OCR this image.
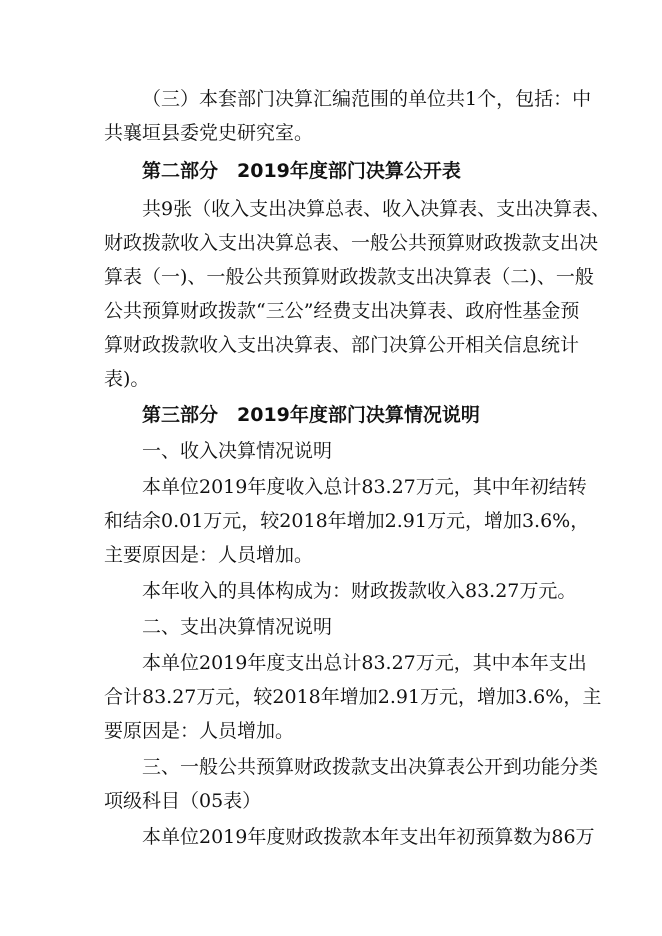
（三）本套部门决算汇编范围的单位共1个，包括：中
共襄垣县委党史研究室。
第二部分　2019年度部门决算公开表
共9张（收入支出决算总表、收入决算表、支出决算表、
财政拨款收入支出决算总表、一般公共预算财政拨款支出决
算表（一)、一般公共预算财政拨款支出决算表（二)、一般
公共预算财政拨款“三公”经费支出决算表、政府性基金预
算财政拨款收入支出决算表、部门决算公开相关信息统计
表)。
第三部分　2019年度部门决算情况说明
一、收入决算情况说明
本单位2019年度收入总计83.27万元，其中年初结转
和结余0.01万元，较2018年增加2.91万元，增加3.6%，
主要原因是：人员增加。
本年收入的具体构成为：财政拨款收入83.27万元。
二、支出决算情况说明
本单位2019年度支出总计83.27万元，其中本年支出
合计83.27万元，较2018年增加2.91万元，增加3.6%，主
要原因是：人员增加。
三、一般公共预算财政拨款支出决算表公开到功能分类
项级科目（05表）
本单位2019年度财政拨款本年支出年初预算数为86万
